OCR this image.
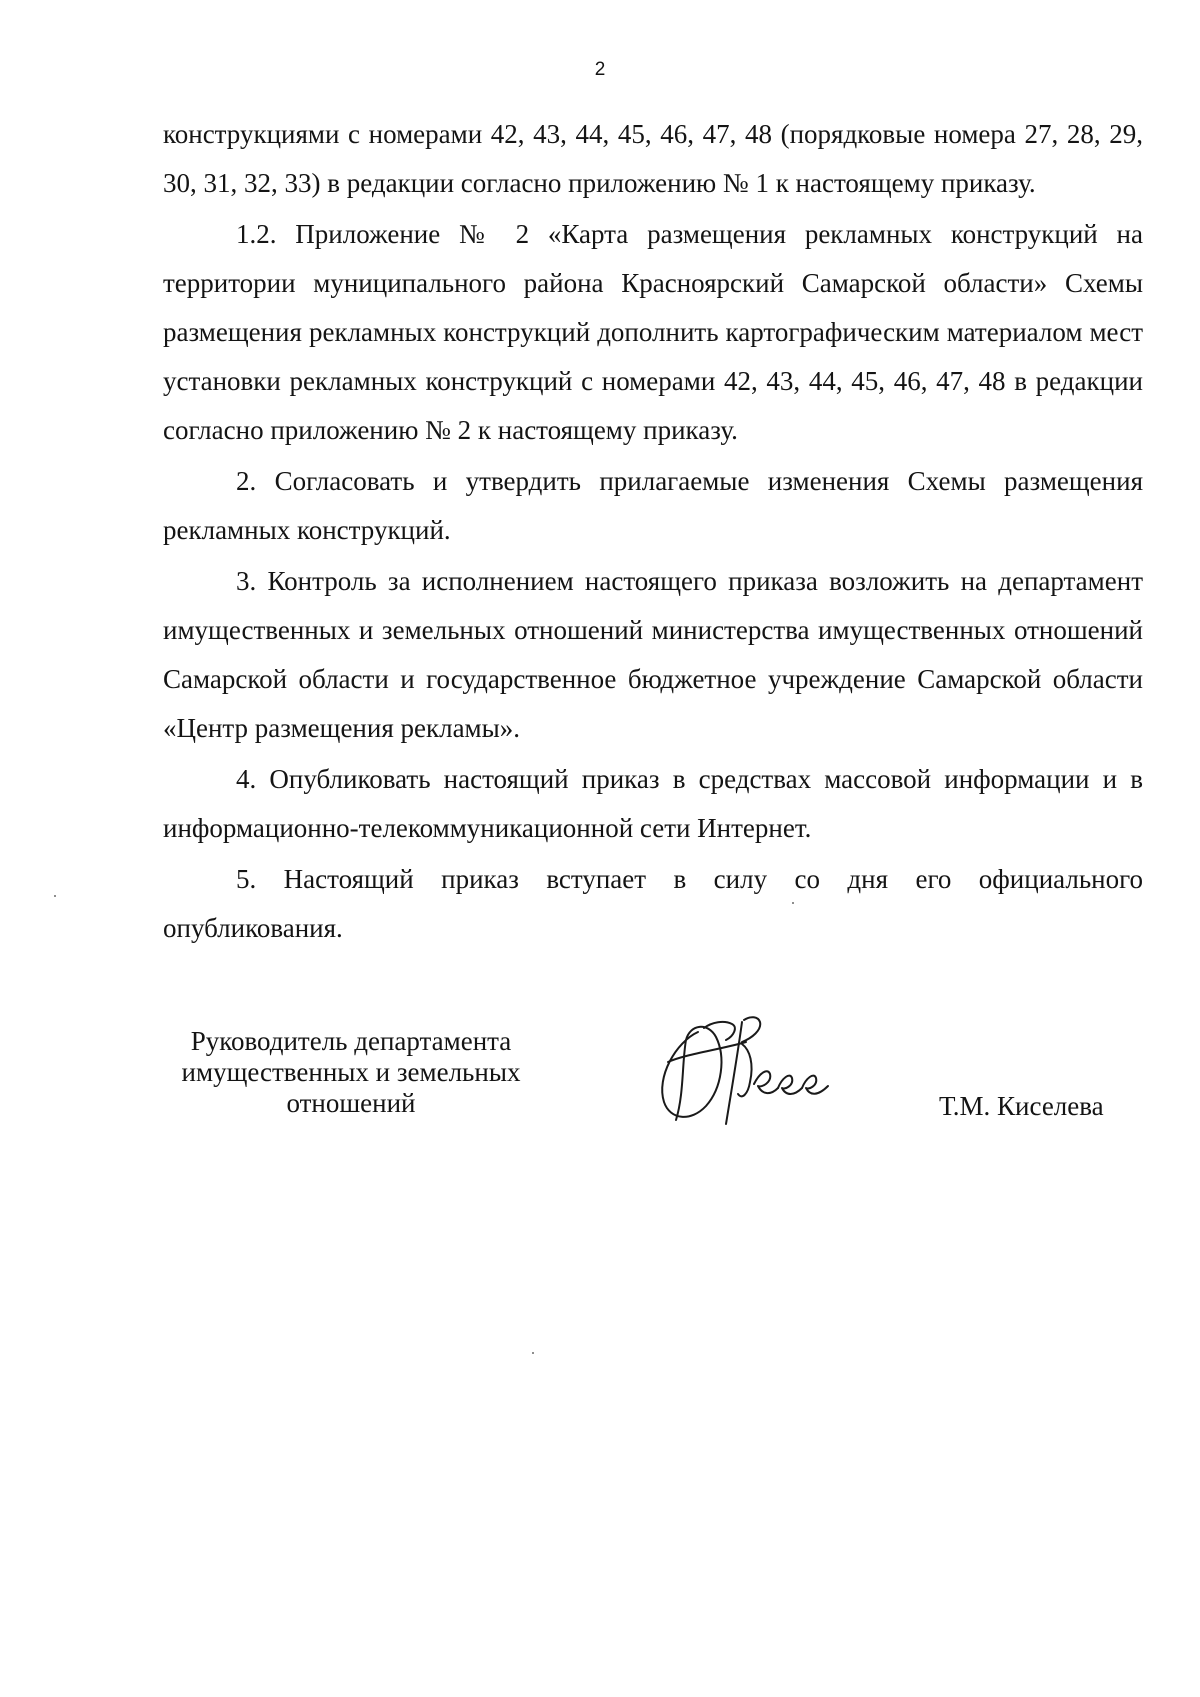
2

конструкциями с номерами 42, 43, 44, 45, 46, 47, 48 (порядковые номера 27, 28, 29, 30, 31, 32, 33) в редакции согласно приложению № 1 к настоящему приказу.

1.2. Приложение № 2 «Карта размещения рекламных конструкций на территории муниципального района Красноярский Самарской области» Схемы размещения рекламных конструкций дополнить картографическим материалом мест установки рекламных конструкций с номерами 42, 43, 44, 45, 46, 47, 48 в редакции согласно приложению № 2 к настоящему приказу.

2. Согласовать и утвердить прилагаемые изменения Схемы размещения рекламных конструкций.

3. Контроль за исполнением настоящего приказа возложить на департамент имущественных и земельных отношений министерства имущественных отношений Самарской области и государственное бюджетное учреждение Самарской области «Центр размещения рекламы».

4. Опубликовать настоящий приказ в средствах массовой информации и в информационно-телекоммуникационной сети Интернет.

5. Настоящий приказ вступает в силу со дня его официального опубликования.

Руководитель департамента
имущественных и земельных
отношений	Т.М. Киселева
